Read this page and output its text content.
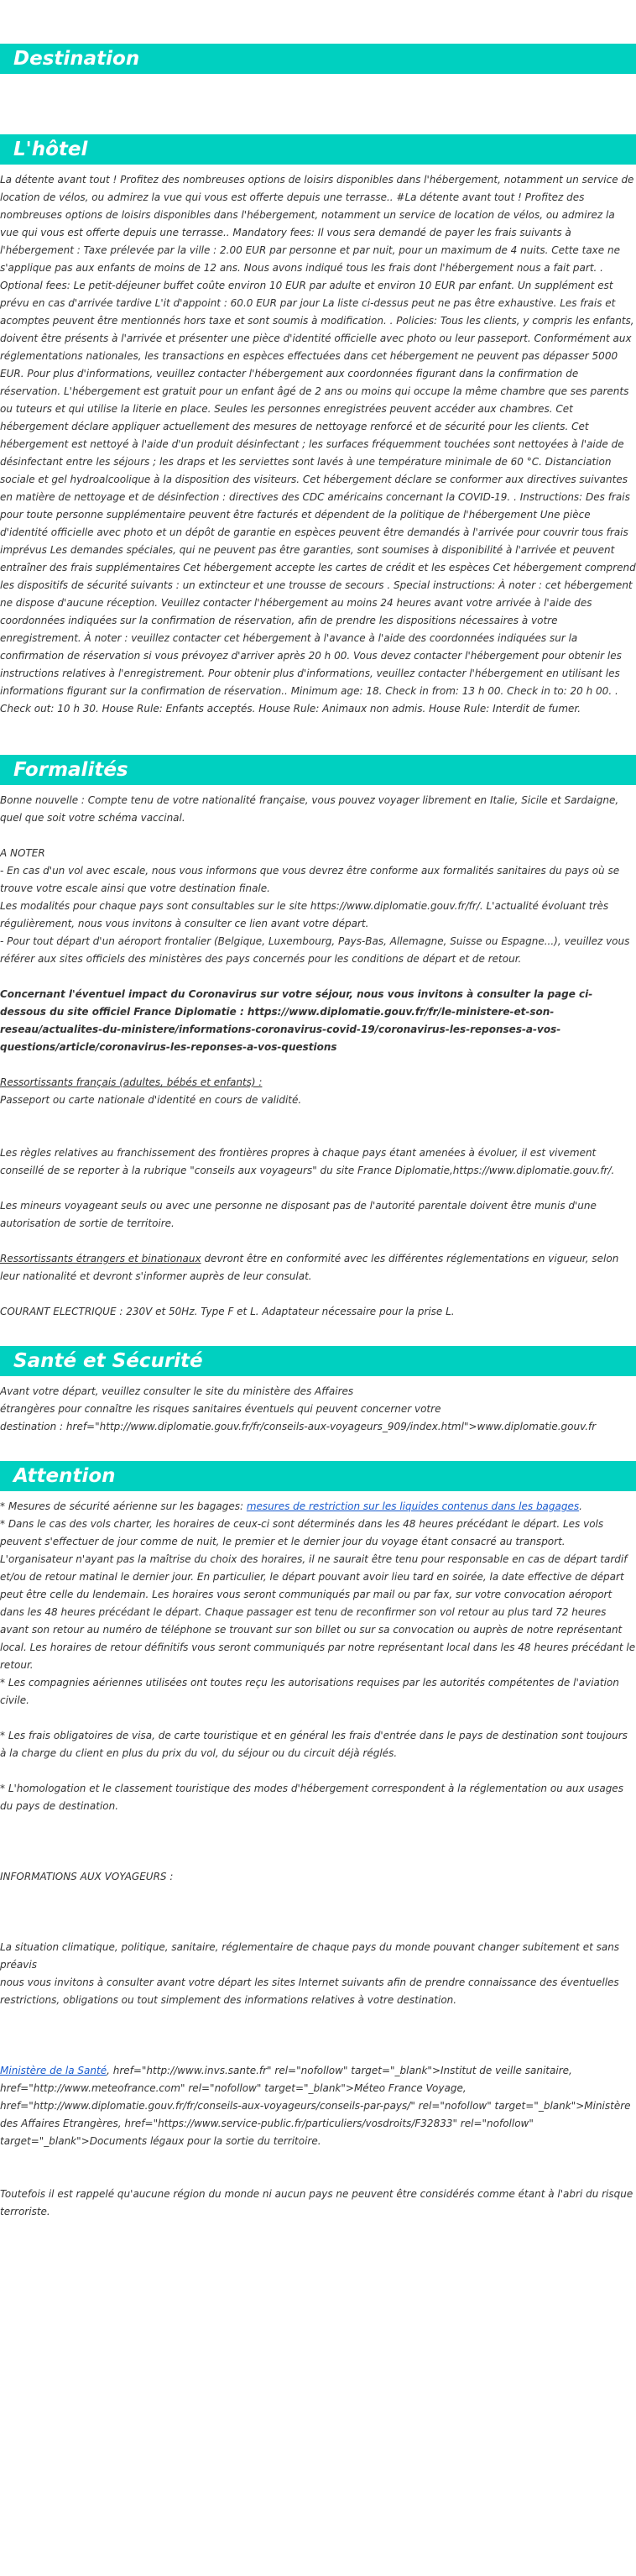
Destination
L'hôtel

La détente avant tout ! Profitez des nombreuses options de loisirs disponibles dans l'hébergement, notamment un service de location de vélos, ou admirez la vue qui vous est offerte depuis une terrasse.. #La détente avant tout ! Profitez des nombreuses options de loisirs disponibles dans l'hébergement, notamment un service de location de vélos, ou admirez la vue qui vous est offerte depuis une terrasse.. Mandatory fees: Il vous sera demandé de payer les frais suivants à l'hébergement : Taxe prélevée par la ville : 2.00 EUR par personne et par nuit, pour un maximum de 4 nuits. Cette taxe ne s'applique pas aux enfants de moins de 12 ans. Nous avons indiqué tous les frais dont l'hébergement nous a fait part. . Optional fees: Le petit-déjeuner buffet coûte environ 10 EUR par adulte et environ 10 EUR par enfant. Un supplément est prévu en cas d'arrivée tardive L'it d'appoint : 60.0 EUR par jour La liste ci-dessus peut ne pas être exhaustive. Les frais et acomptes peuvent être mentionnés hors taxe et sont soumis à modification. . Policies: Tous les clients, y compris les enfants, doivent être présents à l'arrivée et présenter une pièce d'identité officielle avec photo ou leur passeport. Conformément aux réglementations nationales, les transactions en espèces effectuées dans cet hébergement ne peuvent pas dépasser 5000 EUR. Pour plus d'informations, veuillez contacter l'hébergement aux coordonnées figurant dans la confirmation de réservation. L'hébergement est gratuit pour un enfant âgé de 2 ans ou moins qui occupe la même chambre que ses parents ou tuteurs et qui utilise la literie en place. Seules les personnes enregistrées peuvent accéder aux chambres. Cet hébergement déclare appliquer actuellement des mesures de nettoyage renforcé et de sécurité pour les clients. Cet hébergement est nettoyé à l'aide d'un produit désinfectant ; les surfaces fréquemment touchées sont nettoyées à l'aide de désinfectant entre les séjours ; les draps et les serviettes sont lavés à une température minimale de 60 °C. Distanciation sociale et gel hydroalcoolique à la disposition des visiteurs. Cet hébergement déclare se conformer aux directives suivantes en matière de nettoyage et de désinfection : directives des CDC américains concernant la COVID-19. . Instructions: Des frais pour toute personne supplémentaire peuvent être facturés et dépendent de la politique de l'hébergement Une pièce d'identité officielle avec photo et un dépôt de garantie en espèces peuvent être demandés à l'arrivée pour couvrir tous frais imprévus Les demandes spéciales, qui ne peuvent pas être garanties, sont soumises à disponibilité à l'arrivée et peuvent entraîner des frais supplémentaires Cet hébergement accepte les cartes de crédit et les espèces Cet hébergement comprend les dispositifs de sécurité suivants : un extincteur et une trousse de secours . Special instructions: À noter : cet hébergement ne dispose d'aucune réception. Veuillez contacter l'hébergement au moins 24 heures avant votre arrivée à l'aide des coordonnées indiquées sur la confirmation de réservation, afin de prendre les dispositions nécessaires à votre enregistrement. À noter : veuillez contacter cet hébergement à l'avance à l'aide des coordonnées indiquées sur la confirmation de réservation si vous prévoyez d'arriver après 20 h 00. Vous devez contacter l'hébergement pour obtenir les instructions relatives à l'enregistrement. Pour obtenir plus d'informations, veuillez contacter l'hébergement en utilisant les informations figurant sur la confirmation de réservation.. Minimum age: 18. Check in from: 13 h 00. Check in to: 20 h 00. . Check out: 10 h 30. House Rule: Enfants acceptés. House Rule: Animaux non admis. House Rule: Interdit de fumer.

Formalités

Bonne nouvelle : Compte tenu de votre nationalité française, vous pouvez voyager librement en Italie, Sicile et Sardaigne, quel que soit votre schéma vaccinal.

A NOTER

- En cas d'un vol avec escale, nous vous informons que vous devrez être conforme aux formalités sanitaires du pays où se trouve votre escale ainsi que votre destination finale.

Les modalités pour chaque pays sont consultables sur le site https://www.diplomatie.gouv.fr/fr/. L'actualité évoluant très régulièrement, nous vous invitons à consulter ce lien avant votre départ.

- Pour tout départ d'un aéroport frontalier (Belgique, Luxembourg, Pays-Bas, Allemagne, Suisse ou Espagne...), veuillez vous référer aux sites officiels des ministères des pays concernés pour les conditions de départ et de retour.

Concernant l'éventuel impact du Coronavirus sur votre séjour, nous vous invitons à consulter la page ci-dessous du site officiel France Diplomatie : https://www.diplomatie.gouv.fr/fr/le-ministere-et-son-reseau/actualites-du-ministere/informations-coronavirus-covid-19/coronavirus-les-reponses-a-vos-questions/article/coronavirus-les-reponses-a-vos-questions

Ressortissants français (adultes, bébés et enfants) :

Passeport ou carte nationale d'identité en cours de validité.

Les règles relatives au franchissement des frontières propres à chaque pays étant amenées à évoluer, il est vivement conseillé de se reporter à la rubrique "conseils aux voyageurs" du site France Diplomatie,https://www.diplomatie.gouv.fr/.

Les mineurs voyageant seuls ou avec une personne ne disposant pas de l'autorité parentale doivent être munis d'une autorisation de sortie de territoire.

Ressortissants étrangers et binationaux devront être en conformité avec les différentes réglementations en vigueur, selon leur nationalité et devront s'informer auprès de leur consulat.

COURANT ELECTRIQUE : 230V et 50Hz. Type F et L. Adaptateur nécessaire pour la prise L.

Santé et Sécurité

Avant votre départ, veuillez consulter le site du ministère des Affaires

étrangères pour connaître les risques sanitaires éventuels qui peuvent concerner votre

destination : href="http://www.diplomatie.gouv.fr/fr/conseils-aux-voyageurs_909/index.html">www.diplomatie.gouv.fr

Attention

* Mesures de sécurité aérienne sur les bagages: mesures de restriction sur les liquides contenus dans les bagages.

* Dans le cas des vols charter, les horaires de ceux-ci sont déterminés dans les 48 heures précédant le départ. Les vols peuvent s'effectuer de jour comme de nuit, le premier et le dernier jour du voyage étant consacré au transport. L'organisateur n'ayant pas la maîtrise du choix des horaires, il ne saurait être tenu pour responsable en cas de départ tardif et/ou de retour matinal le dernier jour. En particulier, le départ pouvant avoir lieu tard en soirée, la date effective de départ peut être celle du lendemain. Les horaires vous seront communiqués par mail ou par fax, sur votre convocation aéroport dans les 48 heures précédant le départ. Chaque passager est tenu de reconfirmer son vol retour au plus tard 72 heures avant son retour au numéro de téléphone se trouvant sur son billet ou sur sa convocation ou auprès de notre représentant local. Les horaires de retour définitifs vous seront communiqués par notre représentant local dans les 48 heures précédant le retour.

* Les compagnies aériennes utilisées ont toutes reçu les autorisations requises par les autorités compétentes de l'aviation civile.

* Les frais obligatoires de visa, de carte touristique et en général les frais d'entrée dans le pays de destination sont toujours à la charge du client en plus du prix du vol, du séjour ou du circuit déjà réglés.

* L'homologation et le classement touristique des modes d'hébergement correspondent à la réglementation ou aux usages du pays de destination.

INFORMATIONS AUX VOYAGEURS :

La situation climatique, politique, sanitaire, réglementaire de chaque pays du monde pouvant changer subitement et sans préavis

nous vous invitons à consulter avant votre départ les sites Internet suivants afin de prendre connaissance des éventuelles restrictions, obligations ou tout simplement des informations relatives à votre destination.

Ministère de la Santé, href="http://www.invs.sante.fr" rel="nofollow" target="_blank">Institut de veille sanitaire, href="http://www.meteofrance.com" rel="nofollow" target="_blank">Méteo France Voyage, href="http://www.diplomatie.gouv.fr/fr/conseils-aux-voyageurs/conseils-par-pays/" rel="nofollow" target="_blank">Ministère des Affaires Etrangères, href="https://www.service-public.fr/particuliers/vosdroits/F32833" rel="nofollow" target="_blank">Documents légaux pour la sortie du territoire.

Toutefois il est rappelé qu'aucune région du monde ni aucun pays ne peuvent être considérés comme étant à l'abri du risque terroriste.
